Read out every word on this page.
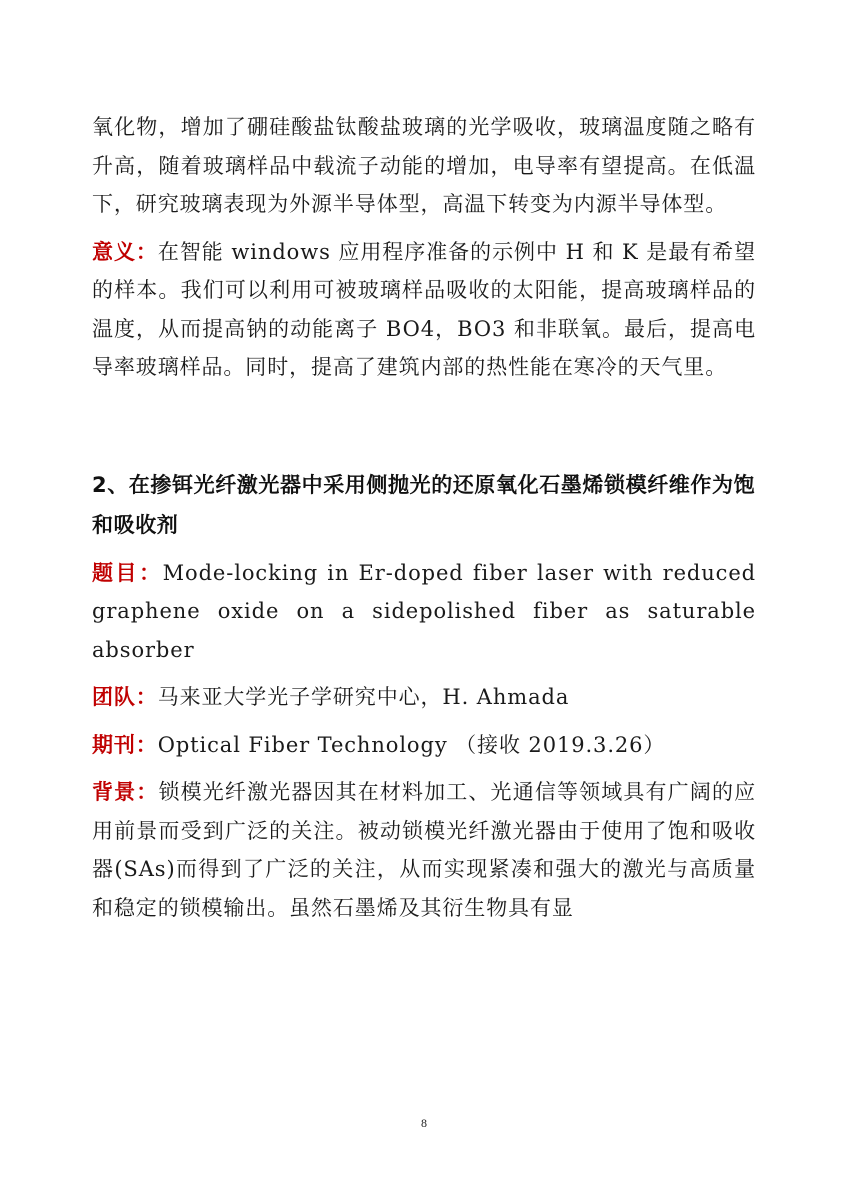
氧化物，增加了硼硅酸盐钛酸盐玻璃的光学吸收，玻璃温度随之略有升高，随着玻璃样品中载流子动能的增加，电导率有望提高。在低温下，研究玻璃表现为外源半导体型，高温下转变为内源半导体型。

意义：在智能 windows 应用程序准备的示例中 H 和 K 是最有希望的样本。我们可以利用可被玻璃样品吸收的太阳能，提高玻璃样品的温度，从而提高钠的动能离子 BO4，BO3 和非联氧。最后，提高电导率玻璃样品。同时，提高了建筑内部的热性能在寒冷的天气里。

2、在掺铒光纤激光器中采用侧抛光的还原氧化石墨烯锁模纤维作为饱和吸收剂

题目：Mode-locking in Er-doped fiber laser with reduced graphene oxide on a sidepolished fiber as saturable absorber

团队：马来亚大学光子学研究中心，H. Ahmada

期刊：Optical Fiber Technology （接收 2019.3.26）

背景：锁模光纤激光器因其在材料加工、光通信等领域具有广阔的应用前景而受到广泛的关注。被动锁模光纤激光器由于使用了饱和吸收器(SAs)而得到了广泛的关注，从而实现紧凑和强大的激光与高质量和稳定的锁模输出。虽然石墨烯及其衍生物具有显

8
